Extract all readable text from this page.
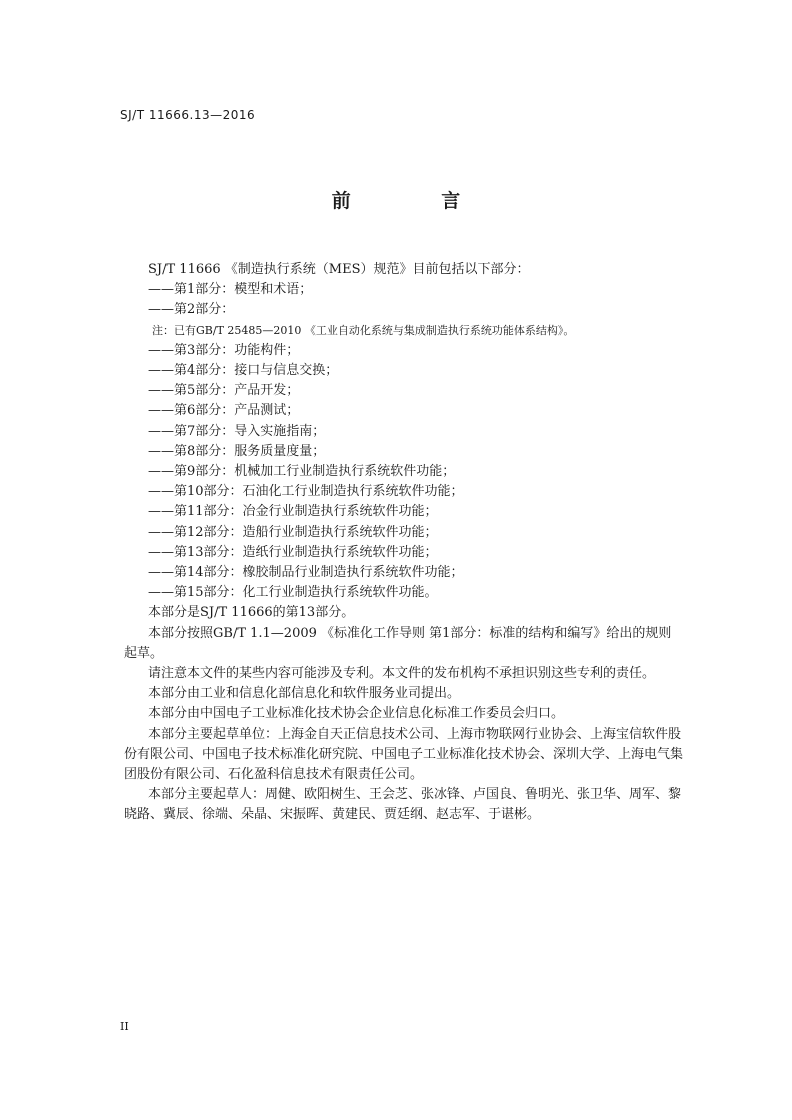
SJ/T 11666.13—2016
前 言
SJ/T 11666 《制造执行系统（MES）规范》目前包括以下部分：
——第1部分：模型和术语；
——第2部分：
注：已有GB/T 25485—2010 《工业自动化系统与集成制造执行系统功能体系结构》。
——第3部分：功能构件；
——第4部分：接口与信息交换；
——第5部分：产品开发；
——第6部分：产品测试；
——第7部分：导入实施指南；
——第8部分：服务质量度量；
——第9部分：机械加工行业制造执行系统软件功能；
——第10部分：石油化工行业制造执行系统软件功能；
——第11部分：冶金行业制造执行系统软件功能；
——第12部分：造船行业制造执行系统软件功能；
——第13部分：造纸行业制造执行系统软件功能；
——第14部分：橡胶制品行业制造执行系统软件功能；
——第15部分：化工行业制造执行系统软件功能。
本部分是SJ/T 11666的第13部分。
本部分按照GB/T 1.1—2009 《标准化工作导则 第1部分：标准的结构和编写》给出的规则起草。
请注意本文件的某些内容可能涉及专利。本文件的发布机构不承担识别这些专利的责任。
本部分由工业和信息化部信息化和软件服务业司提出。
本部分由中国电子工业标准化技术协会企业信息化标准工作委员会归口。
本部分主要起草单位：上海金自天正信息技术公司、上海市物联网行业协会、上海宝信软件股份有限公司、中国电子技术标准化研究院、中国电子工业标准化技术协会、深圳大学、上海电气集团股份有限公司、石化盈科信息技术有限责任公司。
本部分主要起草人：周健、欧阳树生、王会芝、张冰锋、卢国良、鲁明光、张卫华、周军、黎晓路、冀辰、徐端、朵晶、宋振晖、黄建民、贾廷纲、赵志军、于谌彬。
II
